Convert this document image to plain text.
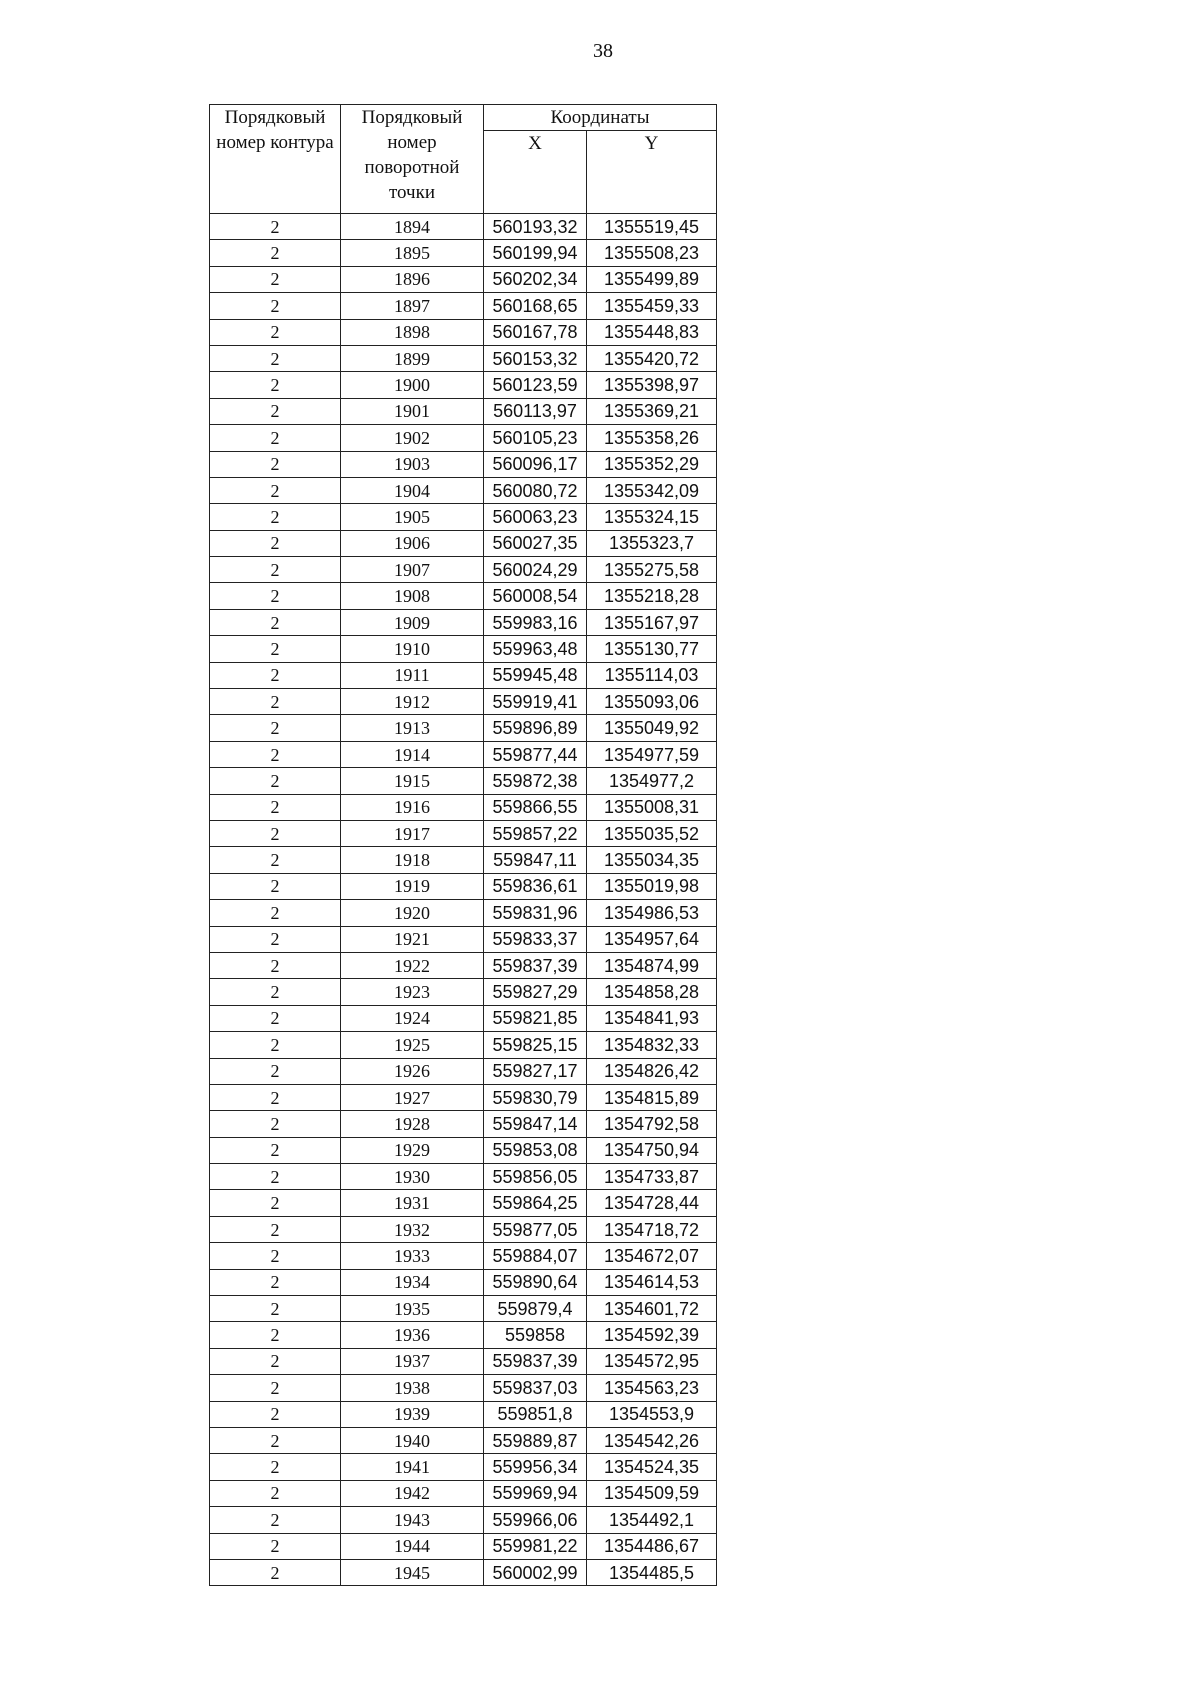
38
Порядковый номер контура	Порядковый номер поворотной точки	Координаты	
		X	Y
2	1894	560193,32	1355519,45
2	1895	560199,94	1355508,23
2	1896	560202,34	1355499,89
2	1897	560168,65	1355459,33
2	1898	560167,78	1355448,83
2	1899	560153,32	1355420,72
2	1900	560123,59	1355398,97
2	1901	560113,97	1355369,21
2	1902	560105,23	1355358,26
2	1903	560096,17	1355352,29
2	1904	560080,72	1355342,09
2	1905	560063,23	1355324,15
2	1906	560027,35	1355323,7
2	1907	560024,29	1355275,58
2	1908	560008,54	1355218,28
2	1909	559983,16	1355167,97
2	1910	559963,48	1355130,77
2	1911	559945,48	1355114,03
2	1912	559919,41	1355093,06
2	1913	559896,89	1355049,92
2	1914	559877,44	1354977,59
2	1915	559872,38	1354977,2
2	1916	559866,55	1355008,31
2	1917	559857,22	1355035,52
2	1918	559847,11	1355034,35
2	1919	559836,61	1355019,98
2	1920	559831,96	1354986,53
2	1921	559833,37	1354957,64
2	1922	559837,39	1354874,99
2	1923	559827,29	1354858,28
2	1924	559821,85	1354841,93
2	1925	559825,15	1354832,33
2	1926	559827,17	1354826,42
2	1927	559830,79	1354815,89
2	1928	559847,14	1354792,58
2	1929	559853,08	1354750,94
2	1930	559856,05	1354733,87
2	1931	559864,25	1354728,44
2	1932	559877,05	1354718,72
2	1933	559884,07	1354672,07
2	1934	559890,64	1354614,53
2	1935	559879,4	1354601,72
2	1936	559858	1354592,39
2	1937	559837,39	1354572,95
2	1938	559837,03	1354563,23
2	1939	559851,8	1354553,9
2	1940	559889,87	1354542,26
2	1941	559956,34	1354524,35
2	1942	559969,94	1354509,59
2	1943	559966,06	1354492,1
2	1944	559981,22	1354486,67
2	1945	560002,99	1354485,5
